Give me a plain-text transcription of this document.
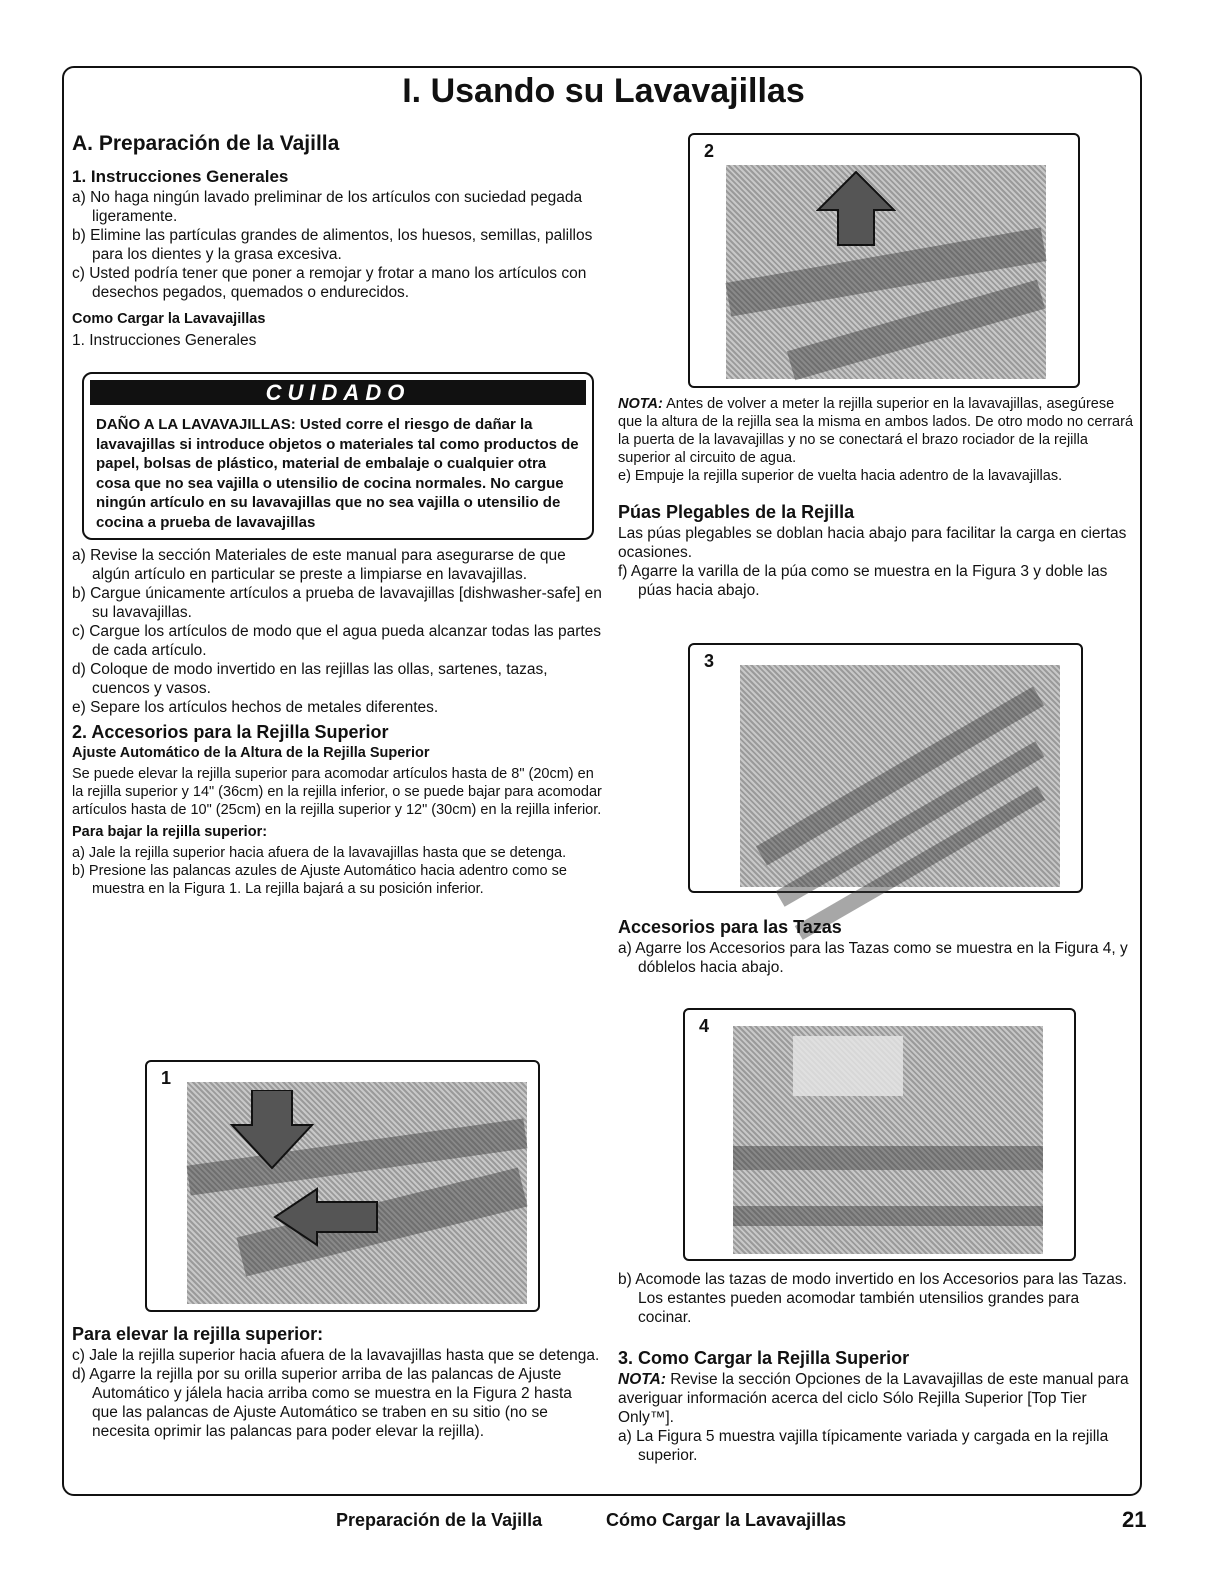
I. Usando su Lavavajillas
A. Preparación de la Vajilla
1. Instrucciones Generales

a) No haga ningún lavado preliminar de los artículos con suciedad pegada ligeramente.

b) Elimine las partículas grandes de alimentos, los huesos, semillas, palillos para los dientes y la grasa excesiva.

c) Usted podría tener que poner a remojar y frotar a mano los artículos con desechos pegados, quemados o endurecidos.

Como Cargar la Lavavajillas

1. Instrucciones Generales

CUIDADO
DAÑO A LA LAVAVAJILLAS: Usted corre el riesgo de dañar la lavavajillas si introduce objetos o materiales tal como productos de papel, bolsas de plástico, material de embalaje o cualquier otra cosa que no sea vajilla o utensilio de cocina normales. No cargue ningún artículo en su lavavajillas que no sea vajilla o utensilio de cocina a prueba de lavavajillas

a) Revise la sección Materiales de este manual para asegurarse de que algún artículo en particular se preste a limpiarse en lavavajillas.

b) Cargue únicamente artículos a prueba de lavavajillas [dishwasher-safe] en su lavavajillas.

c) Cargue los artículos de modo que el agua pueda alcanzar todas las partes de cada artículo.

d) Coloque de modo invertido en las rejillas las ollas, sartenes, tazas, cuencos y vasos.

e) Separe los artículos hechos de metales diferentes.

2. Accesorios para la Rejilla Superior
Ajuste Automático de la Altura de la Rejilla Superior

Se puede elevar la rejilla superior para acomodar artículos hasta de 8" (20cm) en la rejilla superior y 14" (36cm) en la rejilla inferior, o se puede bajar para acomodar artículos hasta de 10" (25cm) en la rejilla superior y 12" (30cm) en la rejilla inferior.

Para bajar la rejilla superior:

a) Jale la rejilla superior hacia afuera de la lavavajillas hasta que se detenga.

b) Presione las palancas azules de Ajuste Automático hacia adentro como se muestra en la Figura 1. La rejilla bajará a su posición inferior.

1
Para elevar la rejilla superior:

c) Jale la rejilla superior hacia afuera de la lavavajillas hasta que se detenga.

d) Agarre la rejilla por su orilla superior arriba de las palancas de Ajuste Automático y jálela hacia arriba como se muestra en la Figura 2 hasta que las palancas de Ajuste Automático se traben en su sitio (no se necesita oprimir las palancas para poder elevar la rejilla).

2

NOTA: Antes de volver a meter la rejilla superior en la lavavajillas, asegúrese que la altura de la rejilla sea la misma en ambos lados. De otro modo no cerrará la puerta de la lavavajillas y no se conectará el brazo rociador de la rejilla superior al circuito de agua.

e) Empuje la rejilla superior de vuelta hacia adentro de la lavavajillas.

Púas Plegables de la Rejilla

Las púas plegables se doblan hacia abajo para facilitar la carga en ciertas ocasiones.

f) Agarre la varilla de la púa como se muestra en la Figura 3 y doble las púas hacia abajo.

3
Accesorios para las Tazas

a) Agarre los Accesorios para las Tazas como se muestra en la Figura 4, y dóblelos hacia abajo.

4

b) Acomode las tazas de modo invertido en los Accesorios para las Tazas. Los estantes pueden acomodar también utensilios grandes para cocinar.

3. Como Cargar la Rejilla Superior

NOTA: Revise la sección Opciones de la Lavavajillas de este manual para averiguar información acerca del ciclo Sólo Rejilla Superior [Top Tier Only™].

a) La Figura 5 muestra vajilla típicamente variada y cargada en la rejilla superior.

Preparación de la Vajilla	Cómo Cargar la Lavavajillas	21
